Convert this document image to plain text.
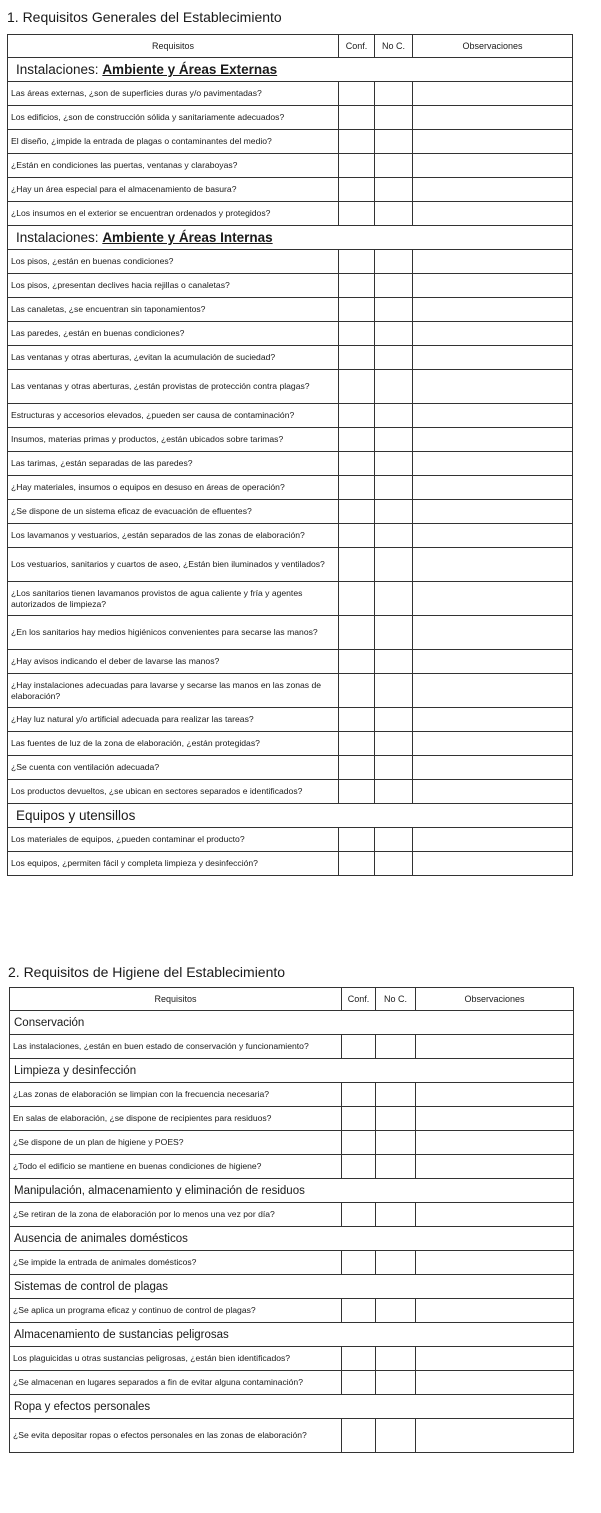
1. Requisitos Generales del Establecimiento
Requisitos	Conf.	No C.	Observaciones
Instalaciones: Ambiente y Áreas Externas			
Las áreas externas, ¿son de superficies duras y/o pavimentadas?			
Los edificios, ¿son de construcción sólida y sanitariamente adecuados?			
El diseño, ¿impide la entrada de plagas o contaminantes del medio?			
¿Están en condiciones las puertas, ventanas y claraboyas?			
¿Hay un área especial para el almacenamiento de basura?			
¿Los insumos en el exterior se encuentran ordenados y protegidos?			
Instalaciones: Ambiente y Áreas Internas			
Los pisos, ¿están en buenas condiciones?			
Los pisos, ¿presentan declives hacia rejillas o canaletas?			
Las canaletas, ¿se encuentran sin taponamientos?			
Las paredes, ¿están en buenas condiciones?			
Las ventanas y otras aberturas, ¿evitan la acumulación de suciedad?			
Las ventanas y otras aberturas, ¿están provistas de protección contra plagas?			
Estructuras y accesorios elevados, ¿pueden ser causa de contaminación?			
Insumos, materias primas y productos, ¿están ubicados sobre tarimas?			
Las tarimas, ¿están separadas de las paredes?			
¿Hay materiales, insumos o equipos en desuso en áreas de operación?			
¿Se dispone de un sistema eficaz de evacuación de efluentes?			
Los lavamanos y vestuarios, ¿están separados de las zonas de elaboración?			
Los vestuarios, sanitarios y cuartos de aseo, ¿Están bien iluminados y ventilados?			
¿Los sanitarios tienen lavamanos provistos de agua caliente y fría y agentes autorizados de limpieza?			
¿En los sanitarios hay medios higiénicos convenientes para secarse las manos?			
¿Hay avisos indicando el deber de lavarse las manos?			
¿Hay instalaciones adecuadas para lavarse y secarse las manos en las zonas de elaboración?			
¿Hay luz natural y/o artificial adecuada para realizar las tareas?			
Las fuentes de luz de la zona de elaboración, ¿están protegidas?			
¿Se cuenta con ventilación adecuada?			
Los productos devueltos, ¿se ubican en sectores separados e identificados?			
Equipos y utensillos			
Los materiales de equipos, ¿pueden contaminar el producto?			
Los equipos, ¿permiten fácil y completa limpieza y desinfección?			
2. Requisitos de Higiene del Establecimiento
Requisitos	Conf.	No C.	Observaciones
Conservación			
Las instalaciones, ¿están en buen estado de conservación y funcionamiento?			
Limpieza y desinfección			
¿Las zonas de elaboración se limpian con la frecuencia necesaria?			
En salas de elaboración, ¿se dispone de recipientes para residuos?			
¿Se dispone de un plan de higiene y POES?			
¿Todo el edificio se mantiene en buenas condiciones de higiene?			
Manipulación, almacenamiento y eliminación de residuos			
¿Se retiran de la zona de elaboración por lo menos una vez por día?			
Ausencia de animales domésticos			
¿Se impide la entrada de animales domésticos?			
Sistemas de control de plagas			
¿Se aplica un programa eficaz y continuo de control de plagas?			
Almacenamiento de sustancias peligrosas			
Los plaguicidas u otras sustancias peligrosas, ¿están bien identificados?			
¿Se almacenan en lugares separados a fin de evitar alguna contaminación?			
Ropa y efectos personales			
¿Se evita depositar ropas o efectos personales en las zonas de elaboración?			
